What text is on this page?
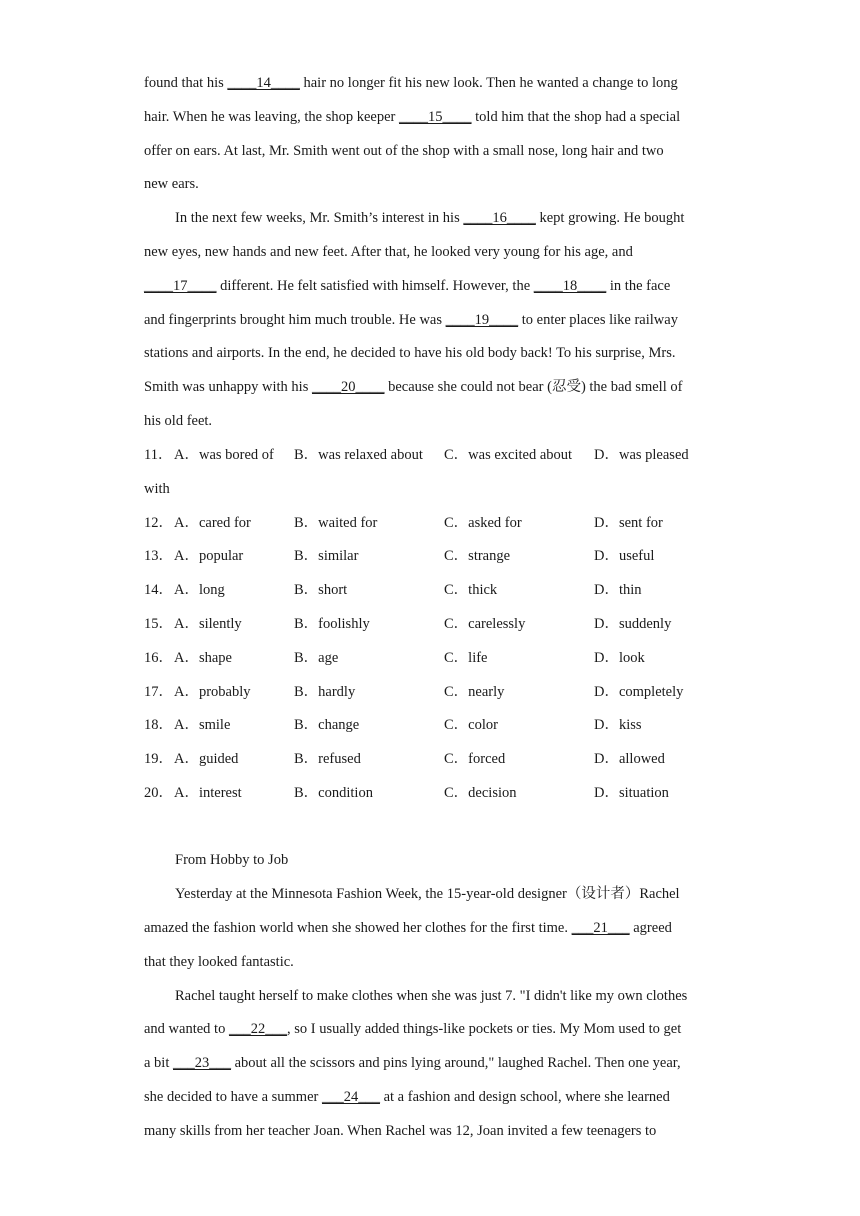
found that his ____14____ hair no longer fit his new look. Then he wanted a change to long
hair. When he was leaving, the shop keeper ____15____ told him that the shop had a special
offer on ears. At last, Mr. Smith went out of the shop with a small nose, long hair and two
new ears.
In the next few weeks, Mr. Smith’s interest in his ____16____ kept growing. He bought
new eyes, new hands and new feet. After that, he looked very young for his age, and
____17____ different. He felt satisfied with himself. However, the ____18____ in the face
and fingerprints brought him much trouble. He was ____19____ to enter places like railway
stations and airports. In the end, he decided to have his old body back! To his surprise, Mrs.
Smith was unhappy with his ____20____ because she could not bear (忍受) the bad smell of
his old feet.
11． A．was bored of B．was relaxed about C．was excited about D．was pleased
with
12． A．cared for	B．waited for	C．asked for	D．sent for
13． A．popular	B．similar	C．strange	D．useful
14． A．long	B．short	C．thick	D．thin
15． A．silently	B．foolishly	C．carelessly	D．suddenly
16． A．shape	B．age	C．life	D．look
17． A．probably	B．hardly	C．nearly	D．completely
18． A．smile	B．change	C．color	D．kiss
19． A．guided	B．refused	C．forced	D．allowed
20． A．interest	B．condition	C．decision	D．situation
From Hobby to Job
Yesterday at the Minnesota Fashion Week, the 15-year-old designer（设计者）Rachel
amazed the fashion world when she showed her clothes for the first time. ___21___ agreed
that they looked fantastic.
Rachel taught herself to make clothes when she was just 7. "I didn't like my own clothes
and wanted to ___22___, so I usually added things-like pockets or ties. My Mom used to get
a bit ___23___ about all the scissors and pins lying around," laughed Rachel. Then one year,
she decided to have a summer ___24___ at a fashion and design school, where she learned
many skills from her teacher Joan. When Rachel was 12, Joan invited a few teenagers to
